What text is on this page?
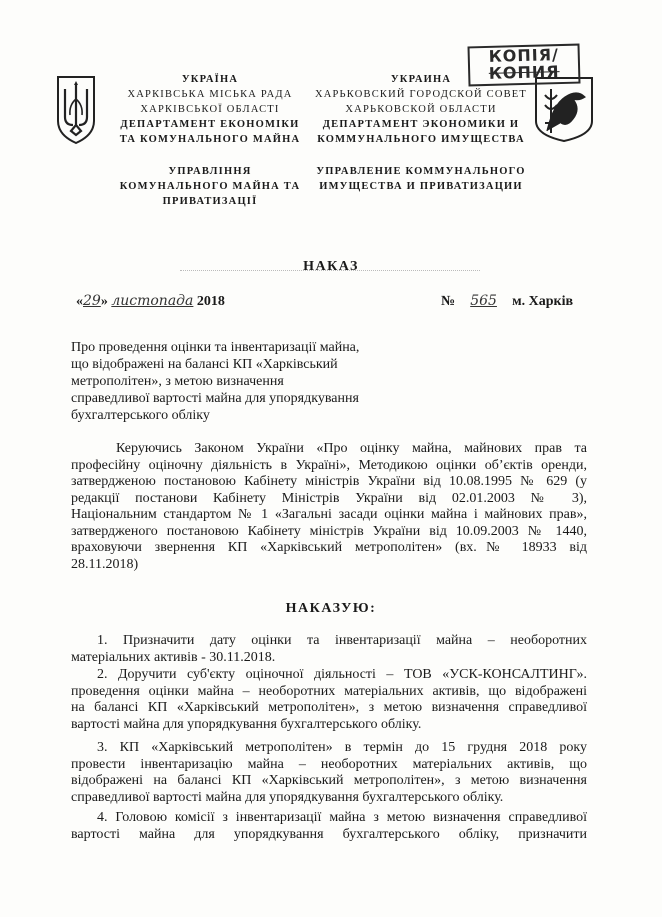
КОПІЯ/
КОПИЯ
УКРАЇНА
ХАРКІВСЬКА МІСЬКА РАДА
ХАРКІВСЬКОЇ ОБЛАСТІ
ДЕПАРТАМЕНТ ЕКОНОМІКИ
ТА КОМУНАЛЬНОГО МАЙНА
УПРАВЛІННЯ
КОМУНАЛЬНОГО МАЙНА ТА
ПРИВАТИЗАЦІЇ
УКРАИНА
ХАРЬКОВСКИЙ ГОРОДСКОЙ СОВЕТ
ХАРЬКОВСКОЙ ОБЛАСТИ
ДЕПАРТАМЕНТ ЭКОНОМИКИ И
КОММУНАЛЬНОГО ИМУЩЕСТВА
УПРАВЛЕНИЕ КОММУНАЛЬНОГО
ИМУЩЕСТВА И ПРИВАТИЗАЦИИ
НАКАЗ
«29» листопада 2018	№ 565 м. Харків
Про проведення оцінки та інвентаризації майна,
що відображені на балансі КП «Харківський
метрополітен», з метою визначення
справедливої вартості майна для упорядкування
бухгалтерського обліку
Керуючись Законом України «Про оцінку майна, майнових прав та
професійну оціночну діяльність в Україні», Методикою оцінки об’єктів оренди,
затвердженою постановою Кабінету міністрів України від 10.08.1995 № 629 (у
редакції постанови Кабінету Міністрів України від 02.01.2003 № 3),
Національним стандартом № 1 «Загальні засади оцінки майна і майнових прав»,
затвердженого постановою Кабінету міністрів України від 10.09.2003 № 1440,
враховуючи звернення КП «Харківський метрополітен» (вх.№ 18933 від
28.11.2018)
НАКАЗУЮ:
1. Призначити дату оцінки та інвентаризації майна – необоротних
матеріальних активів - 30.11.2018.
2. Доручити суб'єкту оціночної діяльності – ТОВ «УСК-КОНСАЛТИНГ».
проведення оцінки майна – необоротних матеріальних активів, що відображені
на балансі КП «Харківський метрополітен», з метою визначення справедливої
вартості майна для упорядкування бухгалтерського обліку.
3. КП «Харківський метрополітен» в термін до 15 грудня 2018 року
провести інвентаризацію майна – необоротних матеріальних активів, що
відображені на балансі КП «Харківський метрополітен», з метою визначення
справедливої вартості майна для упорядкування бухгалтерського обліку.
4. Головою комісії з інвентаризації майна з метою визначення справедливої
вартості майна для упорядкування бухгалтерського обліку, призначити
